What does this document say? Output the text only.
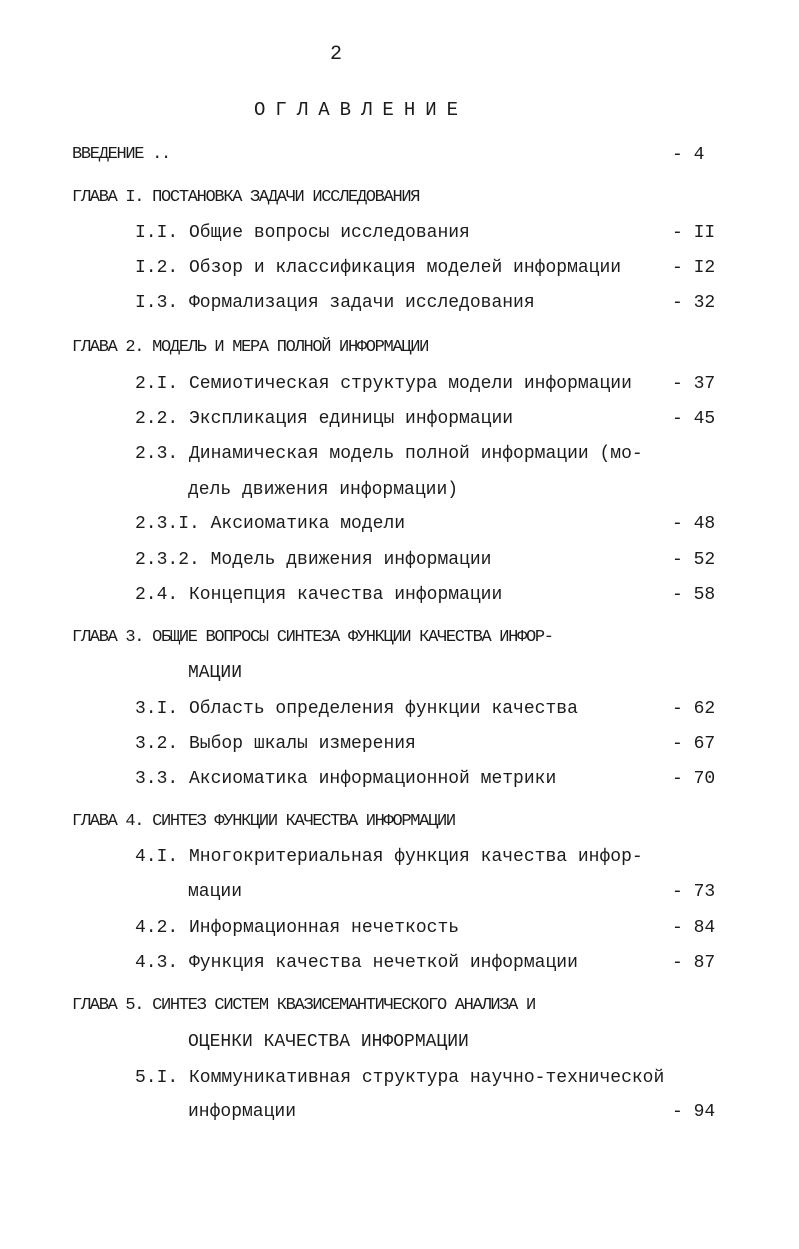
2
ОГЛАВЛЕНИЕ
ВВЕДЕНИЕ ..	- 4
ГЛАВА I. ПОСТАНОВКА ЗАДАЧИ ИССЛЕДОВАНИЯ
I.I. Общие вопросы исследования	- II
I.2. Обзор и классификация моделей информации	- I2
I.3. Формализация задачи исследования	- 32
ГЛАВА 2. МОДЕЛЬ И МЕРА ПОЛНОЙ ИНФОРМАЦИИ
2.I. Семиотическая структура модели информации - 37
2.2. Экспликация единицы информации	- 45
2.3. Динамическая модель полной информации (мо-
дель движения информации)
2.3.I. Аксиоматика модели	- 48
2.3.2. Модель движения информации	- 52
2.4. Концепция качества информации	- 58
ГЛАВА 3. ОБЩИЕ ВОПРОСЫ СИНТЕЗА ФУНКЦИИ КАЧЕСТВА ИНФОР-
МАЦИИ
3.I. Область определения функции качества	- 62
3.2. Выбор шкалы измерения	- 67
3.3. Аксиоматика информационной метрики	- 70
ГЛАВА 4. СИНТЕЗ ФУНКЦИИ КАЧЕСТВА ИНФОРМАЦИИ
4.I. Многокритериальная функция качества инфор-
мации	- 73
4.2. Информационная нечеткость	- 84
4.3. Функция качества нечеткой информации	- 87
ГЛАВА 5. СИНТЕЗ СИСТЕМ КВАЗИСЕМАНТИЧЕСКОГО АНАЛИЗА И
ОЦЕНКИ КАЧЕСТВА ИНФОРМАЦИИ
5.I. Коммуникативная структура научно-технической
информации	- 94
